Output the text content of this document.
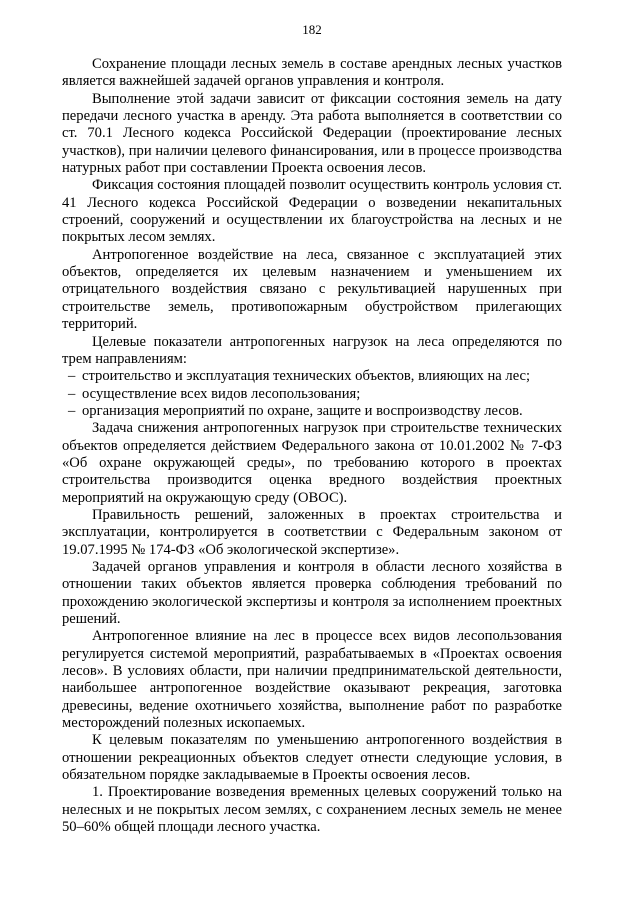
182

Сохранение площади лесных земель в составе арендных лесных участков является важнейшей задачей органов управления и контроля.

Выполнение этой задачи зависит от фиксации состояния земель на дату передачи лесного участка в аренду. Эта работа выполняется в соответствии со ст. 70.1 Лесного кодекса Российской Федерации (проектирование лесных участков), при наличии целевого финансирования, или в процессе производства натурных работ при составлении Проекта освоения лесов.

Фиксация состояния площадей позволит осуществить контроль условия ст. 41 Лесного кодекса Российской Федерации о возведении некапитальных строений, сооружений и осуществлении их благоустройства на лесных и не покрытых лесом землях.

Антропогенное воздействие на леса, связанное с эксплуатацией этих объектов, определяется их целевым назначением и уменьшением их отрицательного воздействия связано с рекультивацией нарушенных при строительстве земель, противопожарным обустройством прилегающих территорий.

Целевые показатели антропогенных нагрузок на леса определяются по трем направлениям:

– строительство и эксплуатация технических объектов, влияющих на лес;
– осуществление всех видов лесопользования;
– организация мероприятий по охране, защите и воспроизводству лесов.

Задача снижения антропогенных нагрузок при строительстве технических объектов определяется действием Федерального закона от 10.01.2002 № 7-ФЗ «Об охране окружающей среды», по требованию которого в проектах строительства производится оценка вредного воздействия проектных мероприятий на окружающую среду (ОВОС).

Правильность решений, заложенных в проектах строительства и эксплуатации, контролируется в соответствии с Федеральным законом от 19.07.1995 № 174-ФЗ «Об экологической экспертизе».

Задачей органов управления и контроля в области лесного хозяйства в отношении таких объектов является проверка соблюдения требований по прохождению экологической экспертизы и контроля за исполнением проектных решений.

Антропогенное влияние на лес в процессе всех видов лесопользования регулируется системой мероприятий, разрабатываемых в «Проектах освоения лесов». В условиях области, при наличии предпринимательской деятельности, наибольшее антропогенное воздействие оказывают рекреация, заготовка древесины, ведение охотничьего хозяйства, выполнение работ по разработке месторождений полезных ископаемых.

К целевым показателям по уменьшению антропогенного воздействия в отношении рекреационных объектов следует отнести следующие условия, в обязательном порядке закладываемые в Проекты освоения лесов.

1. Проектирование возведения временных целевых сооружений только на нелесных и не покрытых лесом землях, с сохранением лесных земель не менее 50–60% общей площади лесного участка.
